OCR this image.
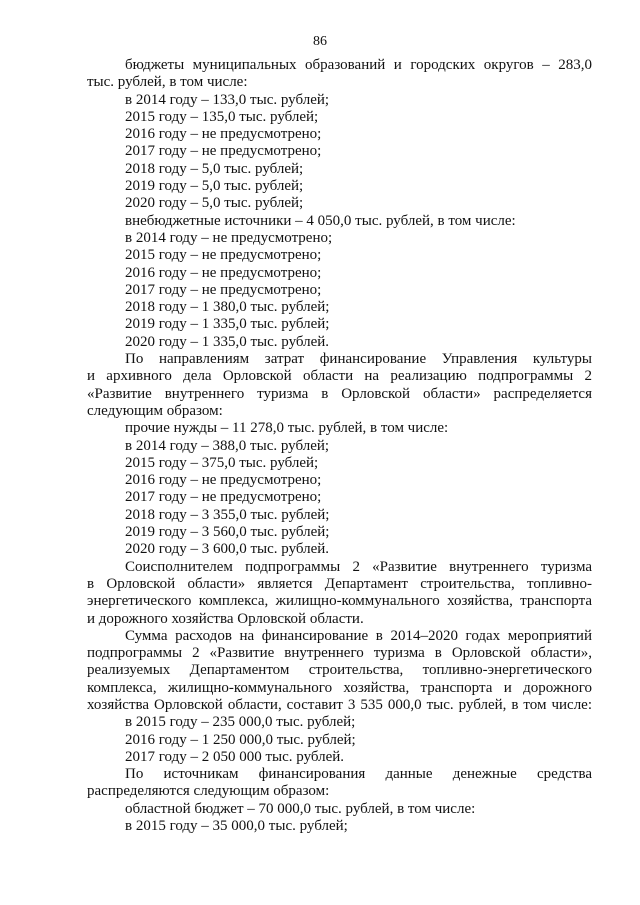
86

бюджеты муниципальных образований и городских округов – 283,0

тыс. рублей, в том числе:

в 2014 году – 133,0 тыс. рублей;

2015 году – 135,0 тыс. рублей;

2016 году – не предусмотрено;

2017 году – не предусмотрено;

2018 году – 5,0 тыс. рублей;

2019 году – 5,0 тыс. рублей;

2020 году – 5,0 тыс. рублей;

внебюджетные источники – 4 050,0 тыс. рублей, в том числе:

в 2014 году – не предусмотрено;

2015 году – не предусмотрено;

2016 году – не предусмотрено;

2017 году – не предусмотрено;

2018 году – 1 380,0 тыс. рублей;

2019 году – 1 335,0 тыс. рублей;

2020 году – 1 335,0 тыс. рублей.

По направлениям затрат финансирование Управления культуры

и архивного дела Орловской области на реализацию подпрограммы 2

«Развитие внутреннего туризма в Орловской области» распределяется

следующим образом:

прочие нужды – 11 278,0 тыс. рублей, в том числе:

в 2014 году – 388,0 тыс. рублей;

2015 году – 375,0 тыс. рублей;

2016 году – не предусмотрено;

2017 году – не предусмотрено;

2018 году – 3 355,0 тыс. рублей;

2019 году – 3 560,0 тыс. рублей;

2020 году – 3 600,0 тыс. рублей.

Соисполнителем подпрограммы 2 «Развитие внутреннего туризма

в Орловской области» является Департамент строительства, топливно-

энергетического комплекса, жилищно-коммунального хозяйства, транспорта

и дорожного хозяйства Орловской области.

Сумма расходов на финансирование в 2014–2020 годах мероприятий

подпрограммы 2 «Развитие внутреннего туризма в Орловской области»,

реализуемых Департаментом строительства, топливно-энергетического

комплекса, жилищно-коммунального хозяйства, транспорта и дорожного

хозяйства Орловской области, составит 3 535 000,0 тыс. рублей, в том числе:

в 2015 году – 235 000,0 тыс. рублей;

2016 году – 1 250 000,0 тыс. рублей;

2017 году – 2 050 000 тыс. рублей.

По источникам финансирования данные денежные средства

распределяются следующим образом:

областной бюджет – 70 000,0 тыс. рублей, в том числе:

в 2015 году – 35 000,0 тыс. рублей;
